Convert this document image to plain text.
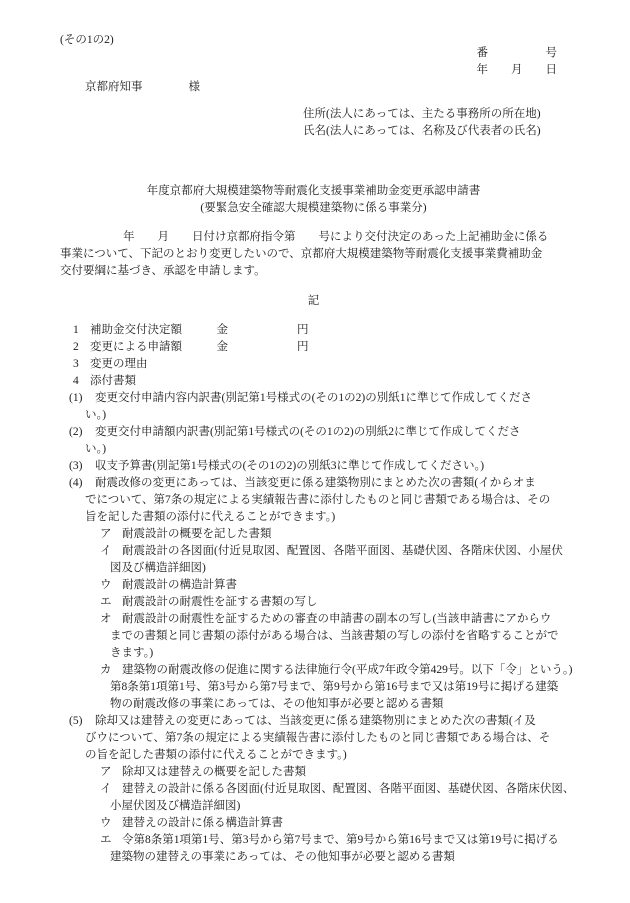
(その1の2)
番　　　　　号
年　　月　　日
京都府知事　　　　様
住所(法人にあっては、主たる事務所の所在地)
氏名(法人にあっては、名称及び代表者の氏名)
年度京都府大規模建築物等耐震化支援事業補助金変更承認申請書
(要緊急安全確認大規模建築物に係る事業分)
年　　月　　日付け京都府指令第　　号により交付決定のあった上記補助金に係る
事業について、下記のとおり変更したいので、京都府大規模建築物等耐震化支援事業費補助金
交付要綱に基づき、承認を申請します。
記
1 補助金交付決定額　　　金　　　　　　円
2 変更による申請額　　　金　　　　　　円
3 変更の理由
4 添付書類
(1) 変更交付申請内容内訳書(別記第1号様式の(その1の2)の別紙1に準じて作成してくださ
い。)
(2) 変更交付申請額内訳書(別記第1号様式の(その1の2)の別紙2に準じて作成してくださ
い。)
(3) 収支予算書(別記第1号様式の(その1の2)の別紙3に準じて作成してください。)
(4) 耐震改修の変更にあっては、当該変更に係る建築物別にまとめた次の書類(イからオま
でについて、第7条の規定による実績報告書に添付したものと同じ書類である場合は、その
旨を記した書類の添付に代えることができます。)
ア 耐震設計の概要を記した書類
イ 耐震設計の各図面(付近見取図、配置図、各階平面図、基礎伏図、各階床伏図、小屋伏
図及び構造詳細図)
ウ 耐震設計の構造計算書
エ 耐震設計の耐震性を証する書類の写し
オ 耐震設計の耐震性を証するための審査の申請書の副本の写し(当該申請書にアからウ
までの書類と同じ書類の添付がある場合は、当該書類の写しの添付を省略することがで
きます。)
カ 建築物の耐震改修の促進に関する法律施行令(平成7年政令第429号。以下「令」という。)
第8条第1項第1号、第3号から第7号まで、第9号から第16号まで又は第19号に掲げる建築
物の耐震改修の事業にあっては、その他知事が必要と認める書類
(5) 除却又は建替えの変更にあっては、当該変更に係る建築物別にまとめた次の書類(イ及
びウについて、第7条の規定による実績報告書に添付したものと同じ書類である場合は、そ
の旨を記した書類の添付に代えることができます。)
ア 除却又は建替えの概要を記した書類
イ 建替えの設計に係る各図面(付近見取図、配置図、各階平面図、基礎伏図、各階床伏図、
小屋伏図及び構造詳細図)
ウ 建替えの設計に係る構造計算書
エ 令第8条第1項第1号、第3号から第7号まで、第9号から第16号まで又は第19号に掲げる
建築物の建替えの事業にあっては、その他知事が必要と認める書類
